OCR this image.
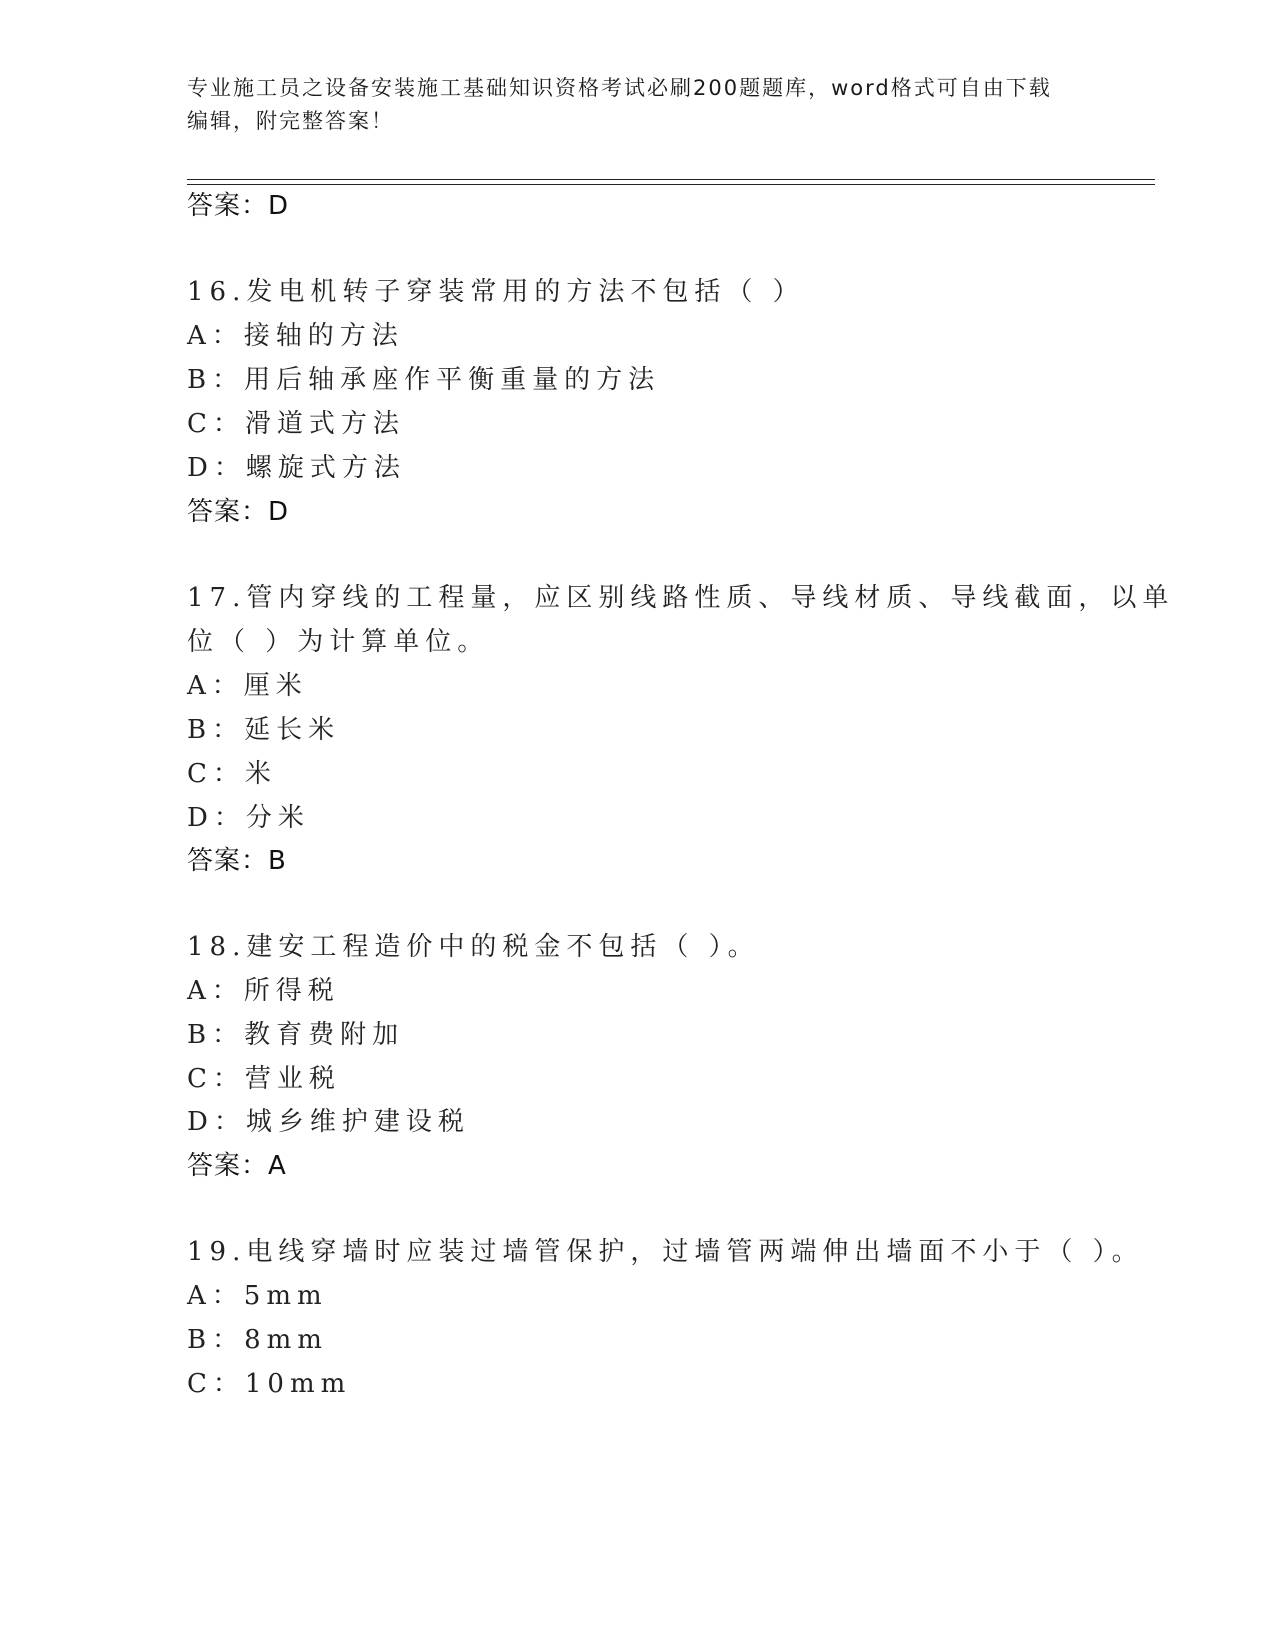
专业施工员之设备安装施工基础知识资格考试必刷200题题库，word格式可自由下载编辑，附完整答案！
答案：D
16.发电机转子穿装常用的方法不包括（ ）
A：接轴的方法
B：用后轴承座作平衡重量的方法
C：滑道式方法
D：螺旋式方法
答案：D
17.管内穿线的工程量，应区别线路性质、导线材质、导线截面，以单
位（ ）为计算单位。
A：厘米
B：延长米
C：米
D：分米
答案：B
18.建安工程造价中的税金不包括（ ）。
A：所得税
B：教育费附加
C：营业税
D：城乡维护建设税
答案：A
19.电线穿墙时应装过墙管保护，过墙管两端伸出墙面不小于（ ）。
A：5mm
B：8mm
C：10mm
